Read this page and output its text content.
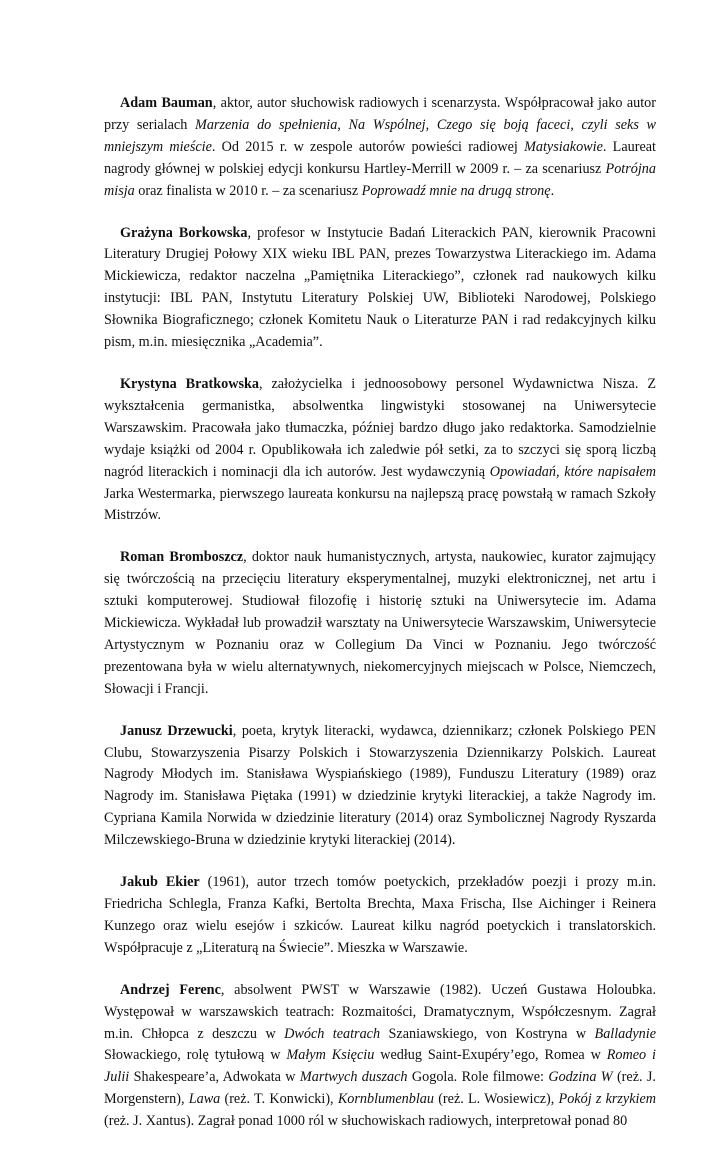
Adam Bauman, aktor, autor słuchowisk radiowych i scenarzysta. Współpracował jako autor przy serialach Marzenia do spełnienia, Na Wspólnej, Czego się boją faceci, czyli seks w mniejszym mieście. Od 2015 r. w zespole autorów powieści radiowej Matysiakowie. Laureat nagrody głównej w polskiej edycji konkursu Hartley-Merrill w 2009 r. – za scenariusz Potrójna misja oraz finalista w 2010 r. – za scenariusz Poprowadź mnie na drugą stronę.

Grażyna Borkowska, profesor w Instytucie Badań Literackich PAN, kierownik Pracowni Literatury Drugiej Połowy XIX wieku IBL PAN, prezes Towarzystwa Literackiego im. Adama Mickiewicza, redaktor naczelna „Pamiętnika Literackiego”, członek rad naukowych kilku instytucji: IBL PAN, Instytutu Literatury Polskiej UW, Biblioteki Narodowej, Polskiego Słownika Biograficznego; członek Komitetu Nauk o Literaturze PAN i rad redakcyjnych kilku pism, m.in. miesięcznika „Academia”.

Krystyna Bratkowska, założycielka i jednoosobowy personel Wydawnictwa Nisza. Z wykształcenia germanistka, absolwentka lingwistyki stosowanej na Uniwersytecie Warszawskim. Pracowała jako tłumaczka, później bardzo długo jako redaktorka. Samodzielnie wydaje książki od 2004 r. Opublikowała ich zaledwie pół setki, za to szczyci się sporą liczbą nagród literackich i nominacji dla ich autorów. Jest wydawczynią Opowiadań, które napisałem Jarka Westermarka, pierwszego laureata konkursu na najlepszą pracę powstałą w ramach Szkoły Mistrzów.

Roman Bromboszcz, doktor nauk humanistycznych, artysta, naukowiec, kurator zajmujący się twórczością na przecięciu literatury eksperymentalnej, muzyki elektronicznej, net artu i sztuki komputerowej. Studiował filozofię i historię sztuki na Uniwersytecie im. Adama Mickiewicza. Wykładał lub prowadził warsztaty na Uniwersytecie Warszawskim, Uniwersytecie Artystycznym w Poznaniu oraz w Collegium Da Vinci w Poznaniu. Jego twórczość prezentowana była w wielu alternatywnych, niekomercyjnych miejscach w Polsce, Niemczech, Słowacji i Francji.

Janusz Drzewucki, poeta, krytyk literacki, wydawca, dziennikarz; członek Polskiego PEN Clubu, Stowarzyszenia Pisarzy Polskich i Stowarzyszenia Dziennikarzy Polskich. Laureat Nagrody Młodych im. Stanisława Wyspiańskiego (1989), Funduszu Literatury (1989) oraz Nagrody im. Stanisława Piętaka (1991) w dziedzinie krytyki literackiej, a także Nagrody im. Cypriana Kamila Norwida w dziedzinie literatury (2014) oraz Symbolicznej Nagrody Ryszarda Milczewskiego-Bruna w dziedzinie krytyki literackiej (2014).

Jakub Ekier (1961), autor trzech tomów poetyckich, przekładów poezji i prozy m.in. Friedricha Schlegla, Franza Kafki, Bertolta Brechta, Maxa Frischa, Ilse Aichinger i Reinera Kunzego oraz wielu esejów i szkiców. Laureat kilku nagród poetyckich i translatorskich. Współpracuje z „Literaturą na Świecie”. Mieszka w Warszawie.

Andrzej Ferenc, absolwent PWST w Warszawie (1982). Uczeń Gustawa Holoubka. Występował w warszawskich teatrach: Rozmaitości, Dramatycznym, Współczesnym. Zagrał m.in. Chłopca z deszczu w Dwóch teatrach Szaniawskiego, von Kostryna w Balladynie Słowackiego, rolę tytułową w Małym Księciu według Saint-Exupéry’ego, Romea w Romeo i Julii Shakespeare’a, Adwokata w Martwych duszach Gogola. Role filmowe: Godzina W (reż. J. Morgenstern), Lawa (reż. T. Konwicki), Kornblumenblau (reż. L. Wosiewicz), Pokój z krzykiem (reż. J. Xantus). Zagrał ponad 1000 ról w słuchowiskach radiowych, interpretował ponad 80
